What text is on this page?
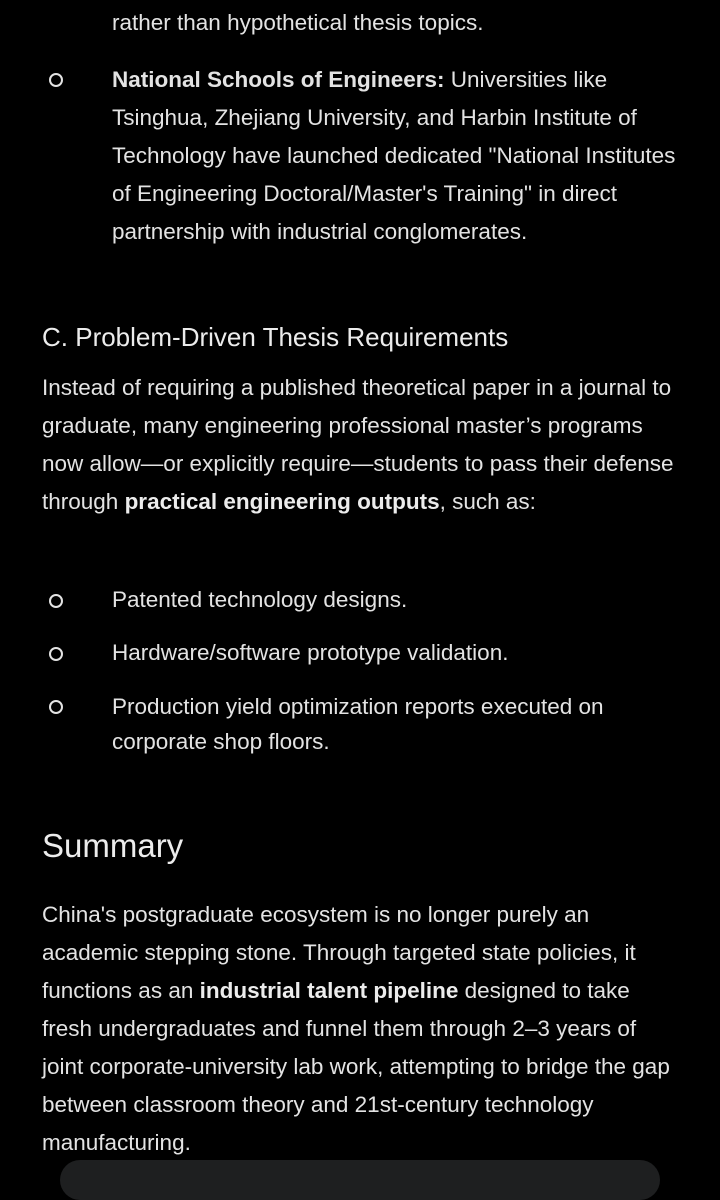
rather than hypothetical thesis topics.

National Schools of Engineers: Universities like Tsinghua, Zhejiang University, and Harbin Institute of Technology have launched dedicated "National Institutes of Engineering Doctoral/Master's Training" in direct partnership with industrial conglomerates.

C. Problem-Driven Thesis Requirements

Instead of requiring a published theoretical paper in a journal to graduate, many engineering professional master’s programs now allow—or explicitly require—students to pass their defense through practical engineering outputs, such as:

Patented technology designs.

Hardware/software prototype validation.

Production yield optimization reports executed on corporate shop floors.

Summary

China's postgraduate ecosystem is no longer purely an academic stepping stone. Through targeted state policies, it functions as an industrial talent pipeline designed to take fresh undergraduates and funnel them through 2–3 years of joint corporate-university lab work, attempting to bridge the gap between classroom theory and 21st-century technology manufacturing.
